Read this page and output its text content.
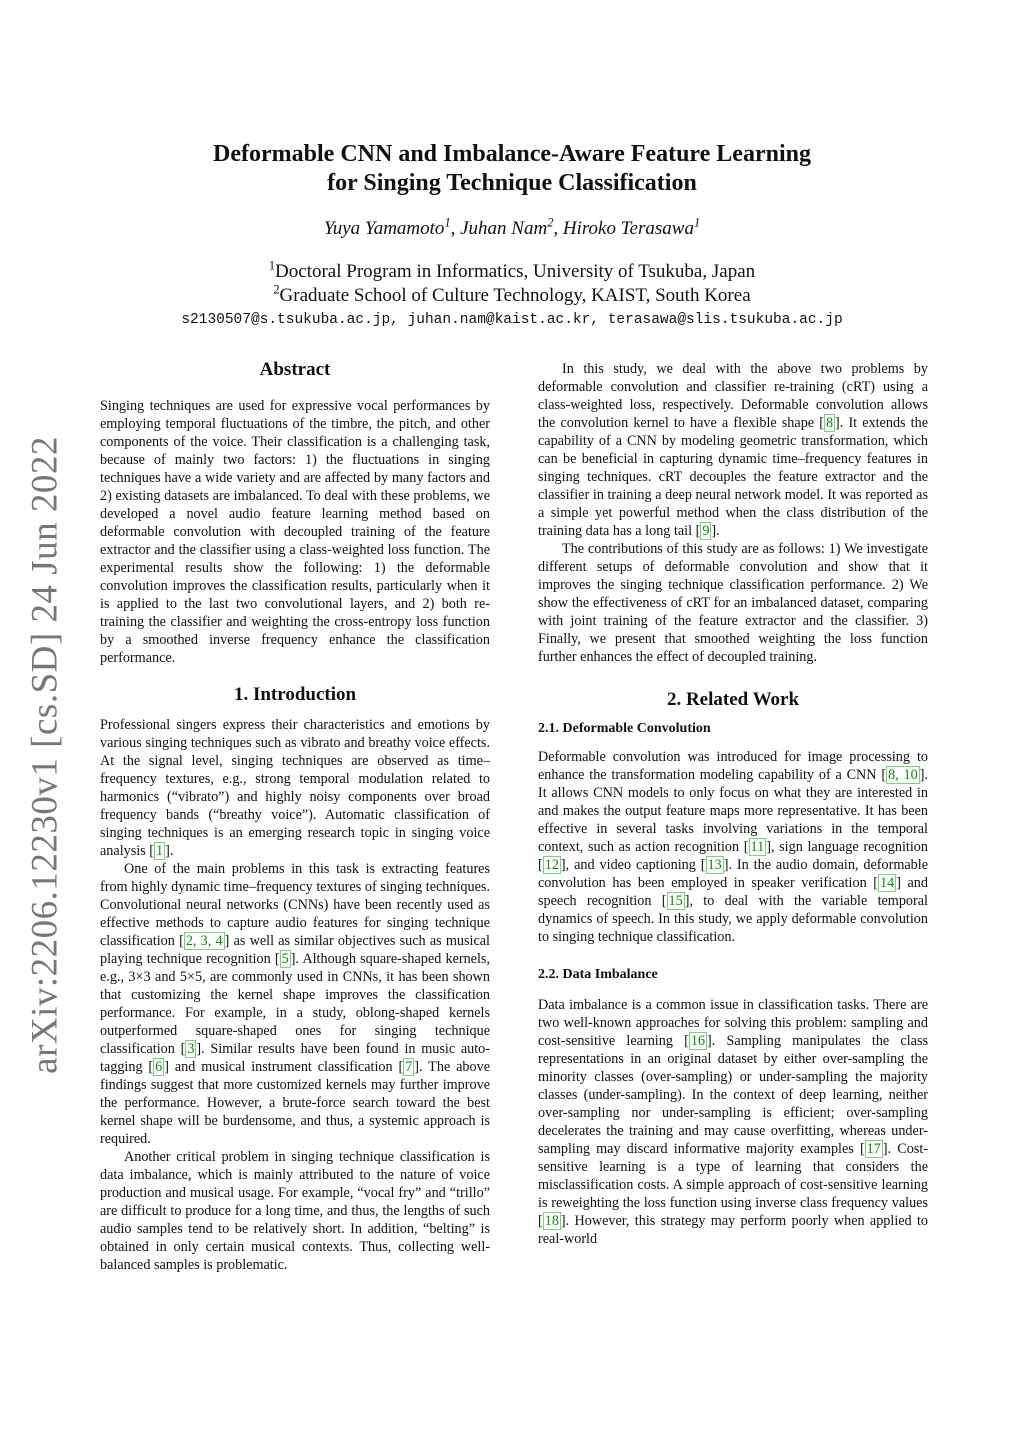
arXiv:2206.12230v1 [cs.SD] 24 Jun 2022
Deformable CNN and Imbalance-Aware Feature Learning
for Singing Technique Classification
Yuya Yamamoto$^1$, Juhan Nam$^2$, Hiroko Terasawa$^1$
$^1$Doctoral Program in Informatics, University of Tsukuba, Japan
$^2$Graduate School of Culture Technology, KAIST, South Korea
s2130507@s.tsukuba.ac.jp, juhan.nam@kaist.ac.kr, terasawa@slis.tsukuba.ac.jp
Abstract

Singing techniques are used for expressive vocal performances by employing temporal fluctuations of the timbre, the pitch, and other components of the voice. Their classification is a challenging task, because of mainly two factors: 1) the fluctuations in singing techniques have a wide variety and are affected by many factors and 2) existing datasets are imbalanced. To deal with these problems, we developed a novel audio feature learning method based on deformable convolution with decoupled training of the feature extractor and the classifier using a class-weighted loss function. The experimental results show the following: 1) the deformable convolution improves the classification results, particularly when it is applied to the last two convolutional layers, and 2) both re-training the classifier and weighting the cross-entropy loss function by a smoothed inverse frequency enhance the classification performance.

1. Introduction

Professional singers express their characteristics and emotions by various singing techniques such as vibrato and breathy voice effects. At the signal level, singing techniques are observed as time–frequency textures, e.g., strong temporal modulation related to harmonics (“vibrato”) and highly noisy components over broad frequency bands (“breathy voice”). Automatic classification of singing techniques is an emerging research topic in singing voice analysis [ 1 ].

One of the main problems in this task is extracting features from highly dynamic time–frequency textures of singing techniques. Convolutional neural networks (CNNs) have been recently used as effective methods to capture audio features for singing technique classification [ 2, 3, 4 ] as well as similar objectives such as musical playing technique recognition [ 5 ]. Although square-shaped kernels, e.g., 3×3 and 5×5, are commonly used in CNNs, it has been shown that customizing the kernel shape improves the classification performance. For example, in a study, oblong-shaped kernels outperformed square-shaped ones for singing technique classification [ 3 ]. Similar results have been found in music auto-tagging [ 6 ] and musical instrument classification [ 7 ]. The above findings suggest that more customized kernels may further improve the performance. However, a brute-force search toward the best kernel shape will be burdensome, and thus, a systemic approach is required.

Another critical problem in singing technique classification is data imbalance, which is mainly attributed to the nature of voice production and musical usage. For example, “vocal fry” and “trillo” are difficult to produce for a long time, and thus, the lengths of such audio samples tend to be relatively short. In addition, “belting” is obtained in only certain musical contexts. Thus, collecting well-balanced samples is problematic.

In this study, we deal with the above two problems by deformable convolution and classifier re-training (cRT) using a class-weighted loss, respectively. Deformable convolution allows the convolution kernel to have a flexible shape [ 8 ]. It extends the capability of a CNN by modeling geometric transformation, which can be beneficial in capturing dynamic time–frequency features in singing techniques. cRT decouples the feature extractor and the classifier in training a deep neural network model. It was reported as a simple yet powerful method when the class distribution of the training data has a long tail [ 9 ].

The contributions of this study are as follows: 1) We investigate different setups of deformable convolution and show that it improves the singing technique classification performance. 2) We show the effectiveness of cRT for an imbalanced dataset, comparing with joint training of the feature extractor and the classifier. 3) Finally, we present that smoothed weighting the loss function further enhances the effect of decoupled training.

2. Related Work
2.1. Deformable Convolution

Deformable convolution was introduced for image processing to enhance the transformation modeling capability of a CNN [ 8, 10 ]. It allows CNN models to only focus on what they are interested in and makes the output feature maps more representative. It has been effective in several tasks involving variations in the temporal context, such as action recognition [ 11 ], sign language recognition [ 12 ], and video captioning [ 13 ]. In the audio domain, deformable convolution has been employed in speaker verification [ 14 ] and speech recognition [ 15 ], to deal with the variable temporal dynamics of speech. In this study, we apply deformable convolution to singing technique classification.

2.2. Data Imbalance

Data imbalance is a common issue in classification tasks. There are two well-known approaches for solving this problem: sampling and cost-sensitive learning [ 16 ]. Sampling manipulates the class representations in an original dataset by either over-sampling the minority classes (over-sampling) or under-sampling the majority classes (under-sampling). In the context of deep learning, neither over-sampling nor under-sampling is efficient; over-sampling decelerates the training and may cause overfitting, whereas under-sampling may discard informative majority examples [ 17 ]. Cost-sensitive learning is a type of learning that considers the misclassification costs. A simple approach of cost-sensitive learning is reweighting the loss function using inverse class frequency values [ 18 ]. However, this strategy may perform poorly when applied to real-world
